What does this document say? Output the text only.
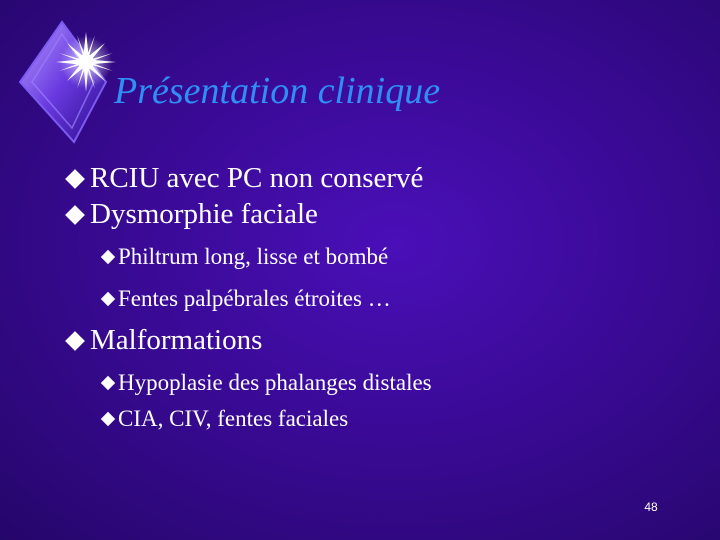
Présentation clinique
RCIU avec PC non conservé
Dysmorphie faciale
Philtrum long, lisse et bombé
Fentes palpébrales étroites …
Malformations
Hypoplasie des phalanges distales
CIA, CIV, fentes faciales
48
